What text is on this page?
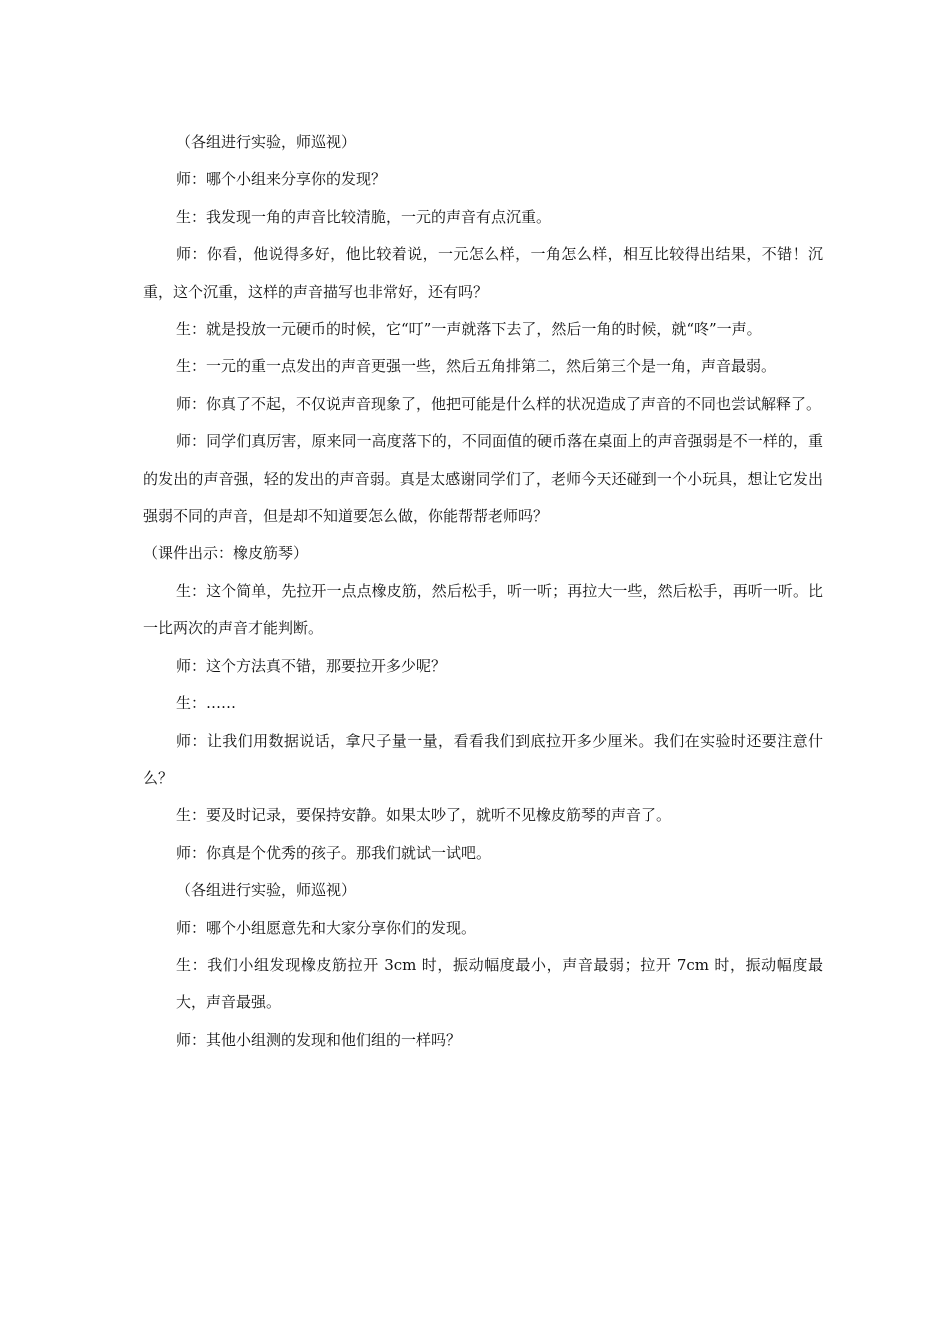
（各组进行实验，师巡视）

师：哪个小组来分享你的发现？

生：我发现一角的声音比较清脆，一元的声音有点沉重。

师：你看，他说得多好，他比较着说，一元怎么样，一角怎么样，相互比较得出结果，不错！沉重，这个沉重，这样的声音描写也非常好，还有吗？

生：就是投放一元硬币的时候，它“叮”一声就落下去了，然后一角的时候，就“咚”一声。

生：一元的重一点发出的声音更强一些，然后五角排第二，然后第三个是一角，声音最弱。

师：你真了不起，不仅说声音现象了，他把可能是什么样的状况造成了声音的不同也尝试解释了。

师：同学们真厉害，原来同一高度落下的，不同面值的硬币落在桌面上的声音强弱是不一样的，重的发出的声音强，轻的发出的声音弱。真是太感谢同学们了，老师今天还碰到一个小玩具，想让它发出强弱不同的声音，但是却不知道要怎么做，你能帮帮老师吗？

（课件出示：橡皮筋琴）

生：这个简单，先拉开一点点橡皮筋，然后松手，听一听；再拉大一些，然后松手，再听一听。比一比两次的声音才能判断。

师：这个方法真不错，那要拉开多少呢？

生：……

师：让我们用数据说话，拿尺子量一量，看看我们到底拉开多少厘米。我们在实验时还要注意什么？

生：要及时记录，要保持安静。如果太吵了，就听不见橡皮筋琴的声音了。

师：你真是个优秀的孩子。那我们就试一试吧。

（各组进行实验，师巡视）

师：哪个小组愿意先和大家分享你们的发现。

生：我们小组发现橡皮筋拉开 3cm 时，振动幅度最小，声音最弱；拉开 7cm 时，振动幅度最大，声音最强。

师：其他小组测的发现和他们组的一样吗？
